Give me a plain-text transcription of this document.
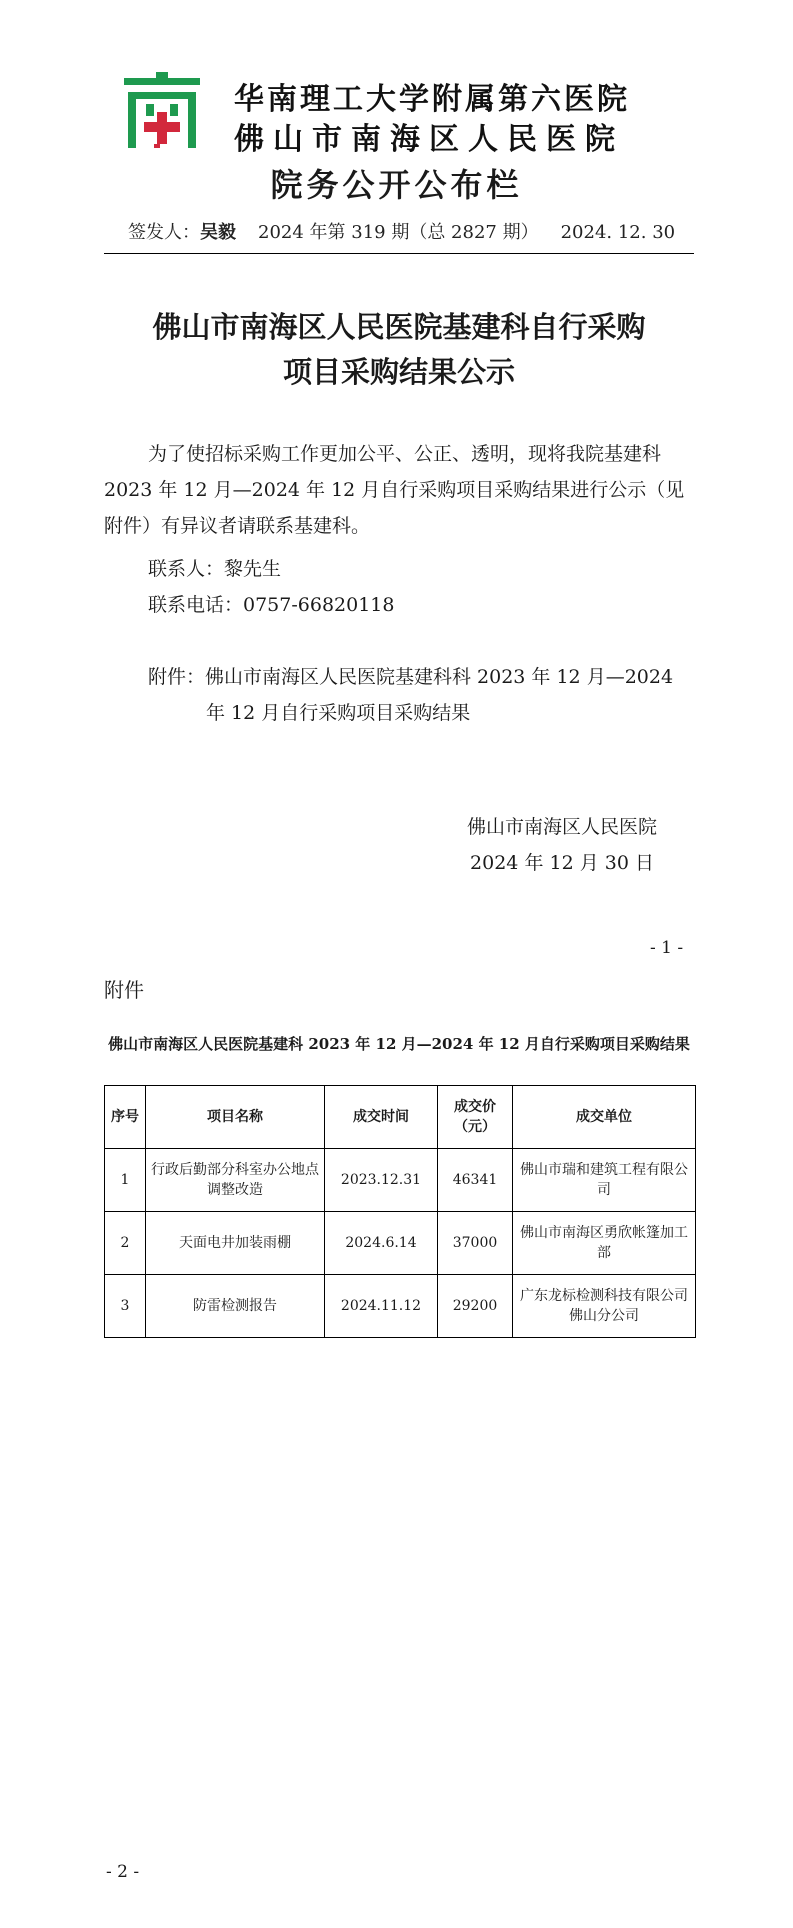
华南理工大学附属第六医院
佛山市南海区人民医院
院务公开公布栏
签发人：吴毅 2024 年第 319 期（总 2827 期） 2024. 12. 30
佛山市南海区人民医院基建科自行采购
项目采购结果公示
为了使招标采购工作更加公平、公正、透明，现将我院基建科 2023 年 12 月—2024 年 12 月自行采购项目采购结果进行公示（见附件）有异议者请联系基建科。
联系人：黎先生
联系电话：0757-66820118
附件：佛山市南海区人民医院基建科科 2023 年 12 月—2024
年 12 月自行采购项目采购结果
佛山市南海区人民医院
2024 年 12 月 30 日
- 1 -
附件
佛山市南海区人民医院基建科 2023 年 12 月—2024 年 12 月自行采购项目采购结果
序号	项目名称	成交时间	成交价（元）	成交单位
1	行政后勤部分科室办公地点调整改造	2023.12.31	46341	佛山市瑞和建筑工程有限公司
2	天面电井加装雨棚	2024.6.14	37000	佛山市南海区勇欣帐篷加工部
3	防雷检测报告	2024.11.12	29200	广东龙标检测科技有限公司佛山分公司
- 2 -
